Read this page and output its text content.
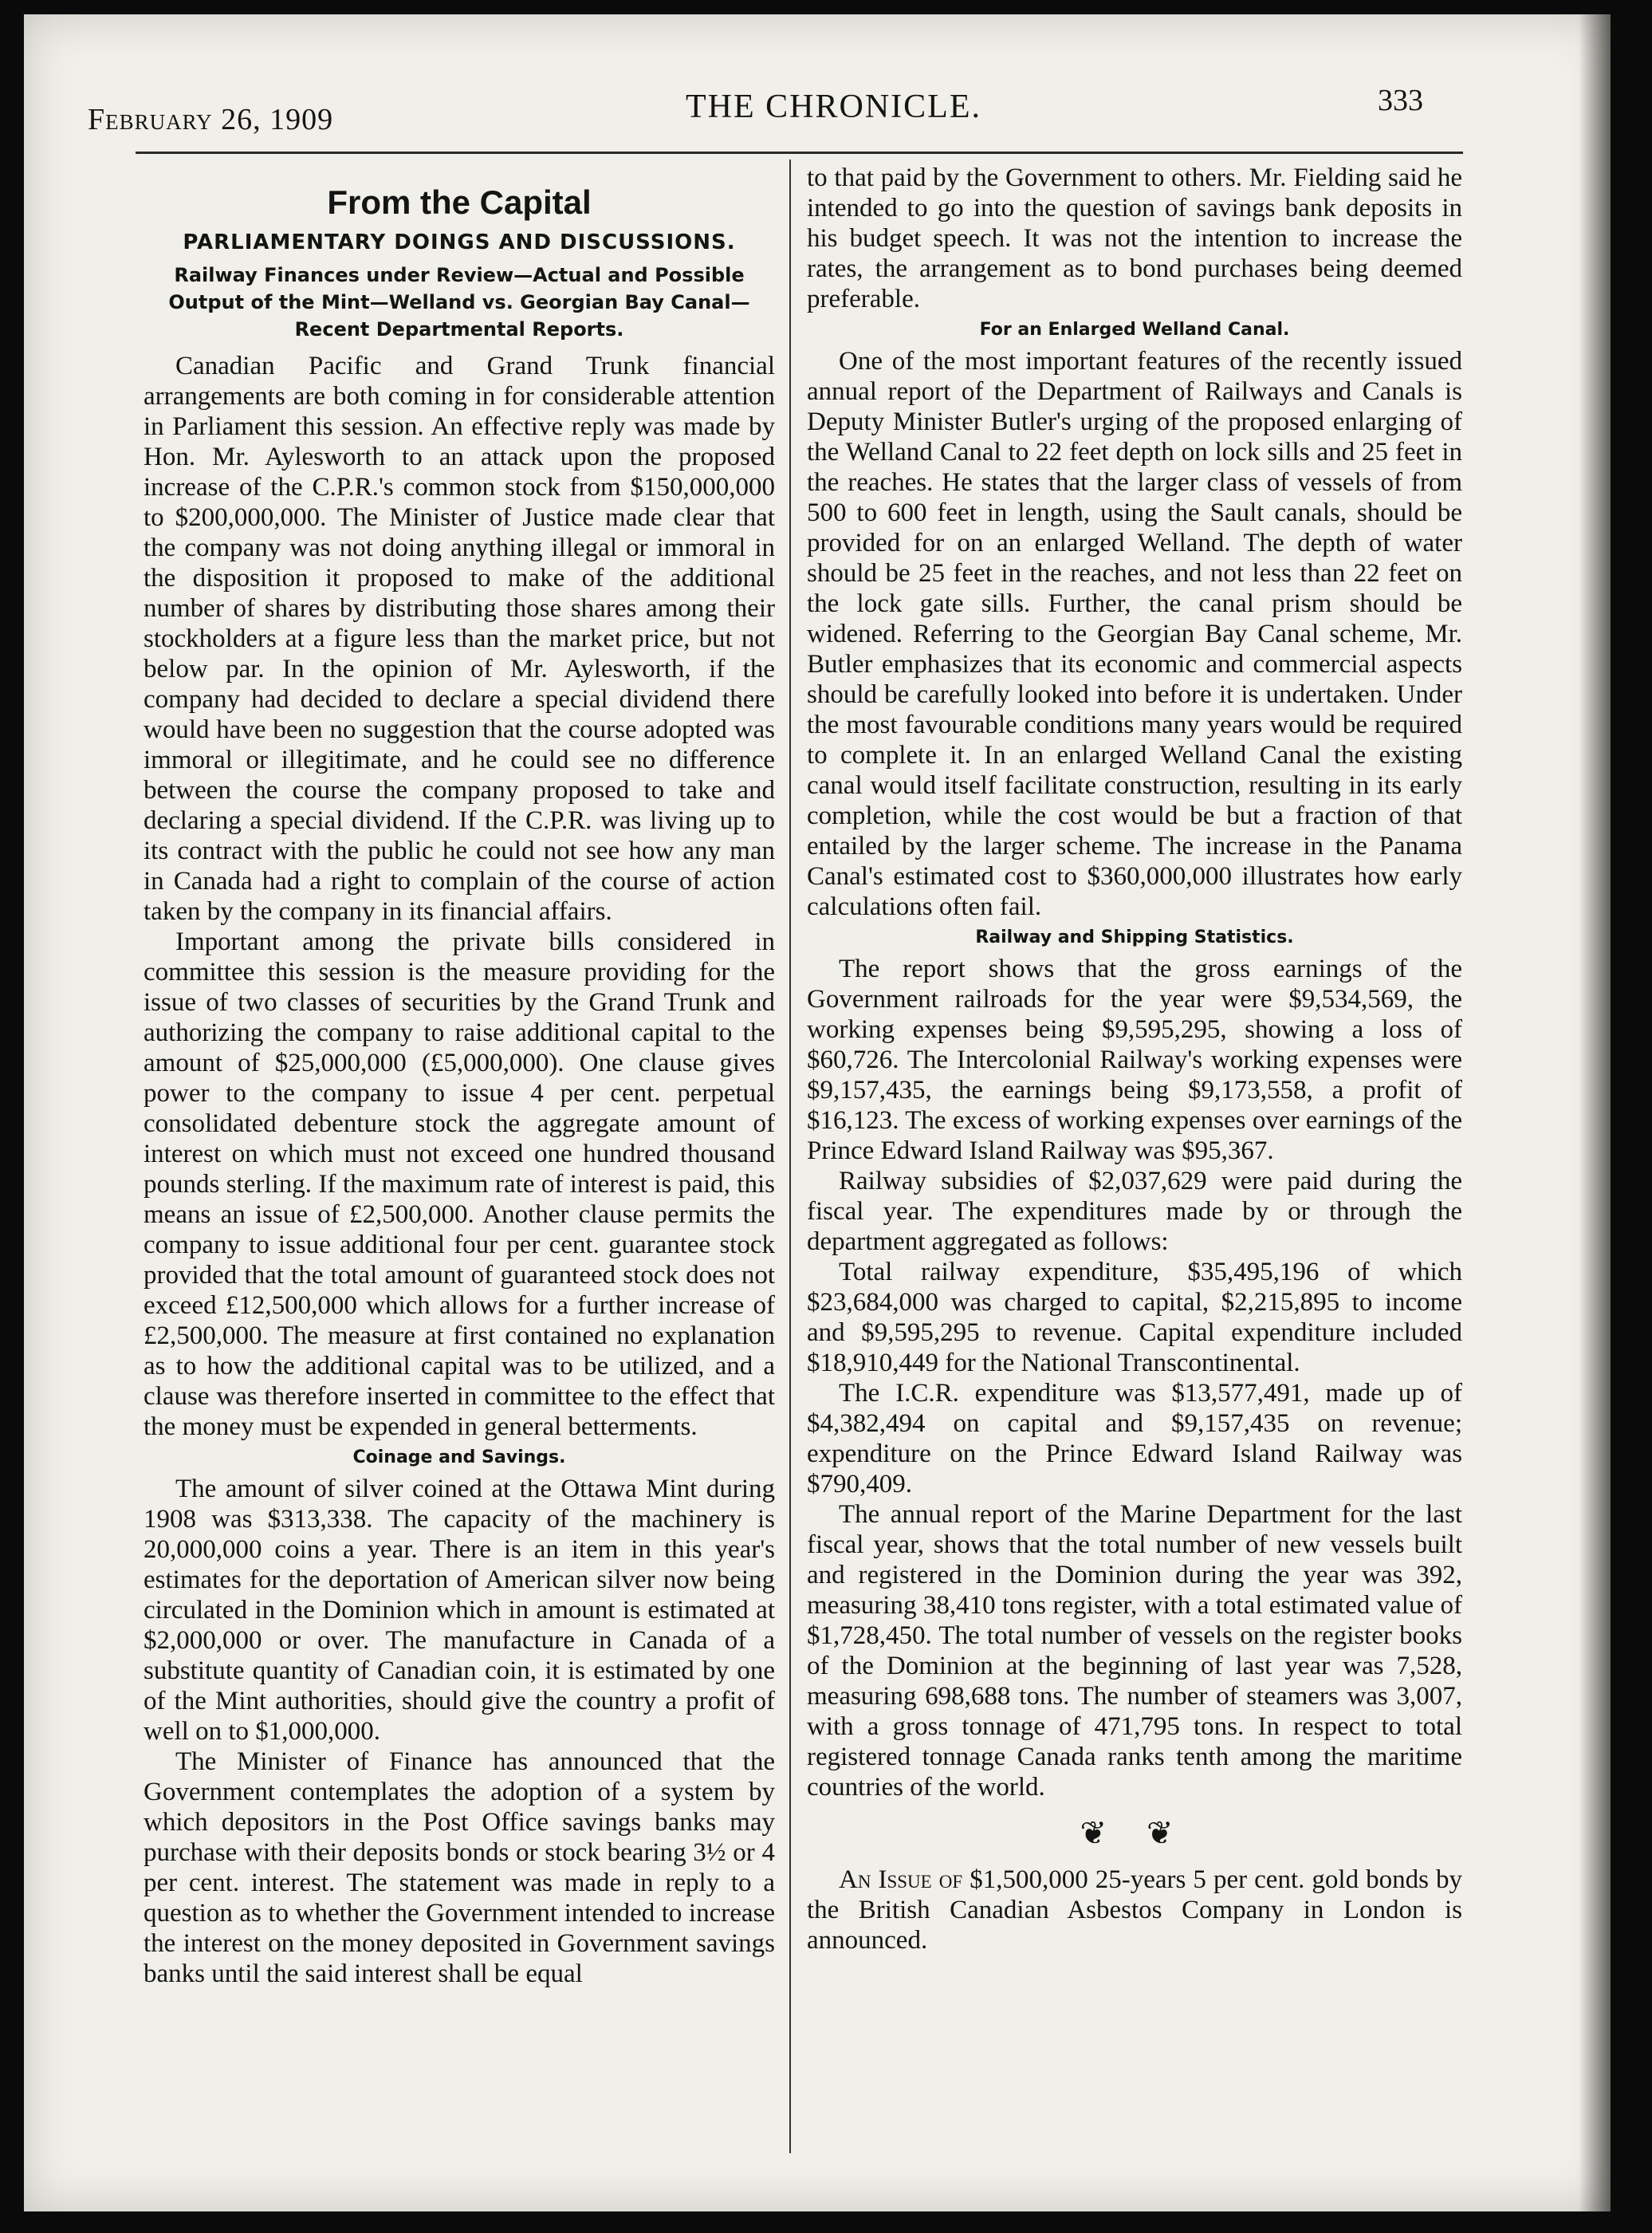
February 26, 1909	THE CHRONICLE.	333
From the Capital
PARLIAMENTARY DOINGS AND DISCUSSIONS.
Railway Finances under Review—Actual and Possible Output of the Mint—Welland vs. Georgian Bay Canal—Recent Departmental Reports.

Canadian Pacific and Grand Trunk financial arrangements are both coming in for considerable attention in Parliament this session. An effective reply was made by Hon. Mr. Aylesworth to an attack upon the proposed increase of the C.P.R.'s common stock from $150,000,000 to $200,000,000. The Minister of Justice made clear that the company was not doing anything illegal or immoral in the disposition it proposed to make of the additional number of shares by distributing those shares among their stockholders at a figure less than the market price, but not below par. In the opinion of Mr. Aylesworth, if the company had decided to declare a special dividend there would have been no suggestion that the course adopted was immoral or illegitimate, and he could see no difference between the course the company proposed to take and declaring a special dividend. If the C.P.R. was living up to its contract with the public he could not see how any man in Canada had a right to complain of the course of action taken by the company in its financial affairs.

Important among the private bills considered in committee this session is the measure providing for the issue of two classes of securities by the Grand Trunk and authorizing the company to raise additional capital to the amount of $25,000,000 (£5,000,000). One clause gives power to the company to issue 4 per cent. perpetual consolidated debenture stock the aggregate amount of interest on which must not exceed one hundred thousand pounds sterling. If the maximum rate of interest is paid, this means an issue of £2,500,000. Another clause permits the company to issue additional four per cent. guarantee stock provided that the total amount of guaranteed stock does not exceed £12,500,000 which allows for a further increase of £2,500,000. The measure at first contained no explanation as to how the additional capital was to be utilized, and a clause was therefore inserted in committee to the effect that the money must be expended in general betterments.

Coinage and Savings.

The amount of silver coined at the Ottawa Mint during 1908 was $313,338. The capacity of the machinery is 20,000,000 coins a year. There is an item in this year's estimates for the deportation of American silver now being circulated in the Dominion which in amount is estimated at $2,000,000 or over. The manufacture in Canada of a substitute quantity of Canadian coin, it is estimated by one of the Mint authorities, should give the country a profit of well on to $1,000,000.

The Minister of Finance has announced that the Government contemplates the adoption of a system by which depositors in the Post Office savings banks may purchase with their deposits bonds or stock bearing 3½ or 4 per cent. interest. The statement was made in reply to a question as to whether the Government intended to increase the interest on the money deposited in Government savings banks until the said interest shall be equal

to that paid by the Government to others. Mr. Fielding said he intended to go into the question of savings bank deposits in his budget speech. It was not the intention to increase the rates, the arrangement as to bond purchases being deemed preferable.

For an Enlarged Welland Canal.

One of the most important features of the recently issued annual report of the Department of Railways and Canals is Deputy Minister Butler's urging of the proposed enlarging of the Welland Canal to 22 feet depth on lock sills and 25 feet in the reaches. He states that the larger class of vessels of from 500 to 600 feet in length, using the Sault canals, should be provided for on an enlarged Welland. The depth of water should be 25 feet in the reaches, and not less than 22 feet on the lock gate sills. Further, the canal prism should be widened. Referring to the Georgian Bay Canal scheme, Mr. Butler emphasizes that its economic and commercial aspects should be carefully looked into before it is undertaken. Under the most favourable conditions many years would be required to complete it. In an enlarged Welland Canal the existing canal would itself facilitate construction, resulting in its early completion, while the cost would be but a fraction of that entailed by the larger scheme. The increase in the Panama Canal's estimated cost to $360,000,000 illustrates how early calculations often fail.

Railway and Shipping Statistics.

The report shows that the gross earnings of the Government railroads for the year were $9,534,569, the working expenses being $9,595,295, showing a loss of $60,726. The Intercolonial Railway's working expenses were $9,157,435, the earnings being $9,173,558, a profit of $16,123. The excess of working expenses over earnings of the Prince Edward Island Railway was $95,367.

Railway subsidies of $2,037,629 were paid during the fiscal year. The expenditures made by or through the department aggregated as follows:

Total railway expenditure, $35,495,196 of which $23,684,000 was charged to capital, $2,215,895 to income and $9,595,295 to revenue. Capital expenditure included $18,910,449 for the National Transcontinental.

The I.C.R. expenditure was $13,577,491, made up of $4,382,494 on capital and $9,157,435 on revenue; expenditure on the Prince Edward Island Railway was $790,409.

The annual report of the Marine Department for the last fiscal year, shows that the total number of new vessels built and registered in the Dominion during the year was 392, measuring 38,410 tons register, with a total estimated value of $1,728,450. The total number of vessels on the register books of the Dominion at the beginning of last year was 7,528, measuring 698,688 tons. The number of steamers was 3,007, with a gross tonnage of 471,795 tons. In respect to total registered tonnage Canada ranks tenth among the maritime countries of the world.

❦ ❦

An Issue of $1,500,000 25-years 5 per cent. gold bonds by the British Canadian Asbestos Company in London is announced.
